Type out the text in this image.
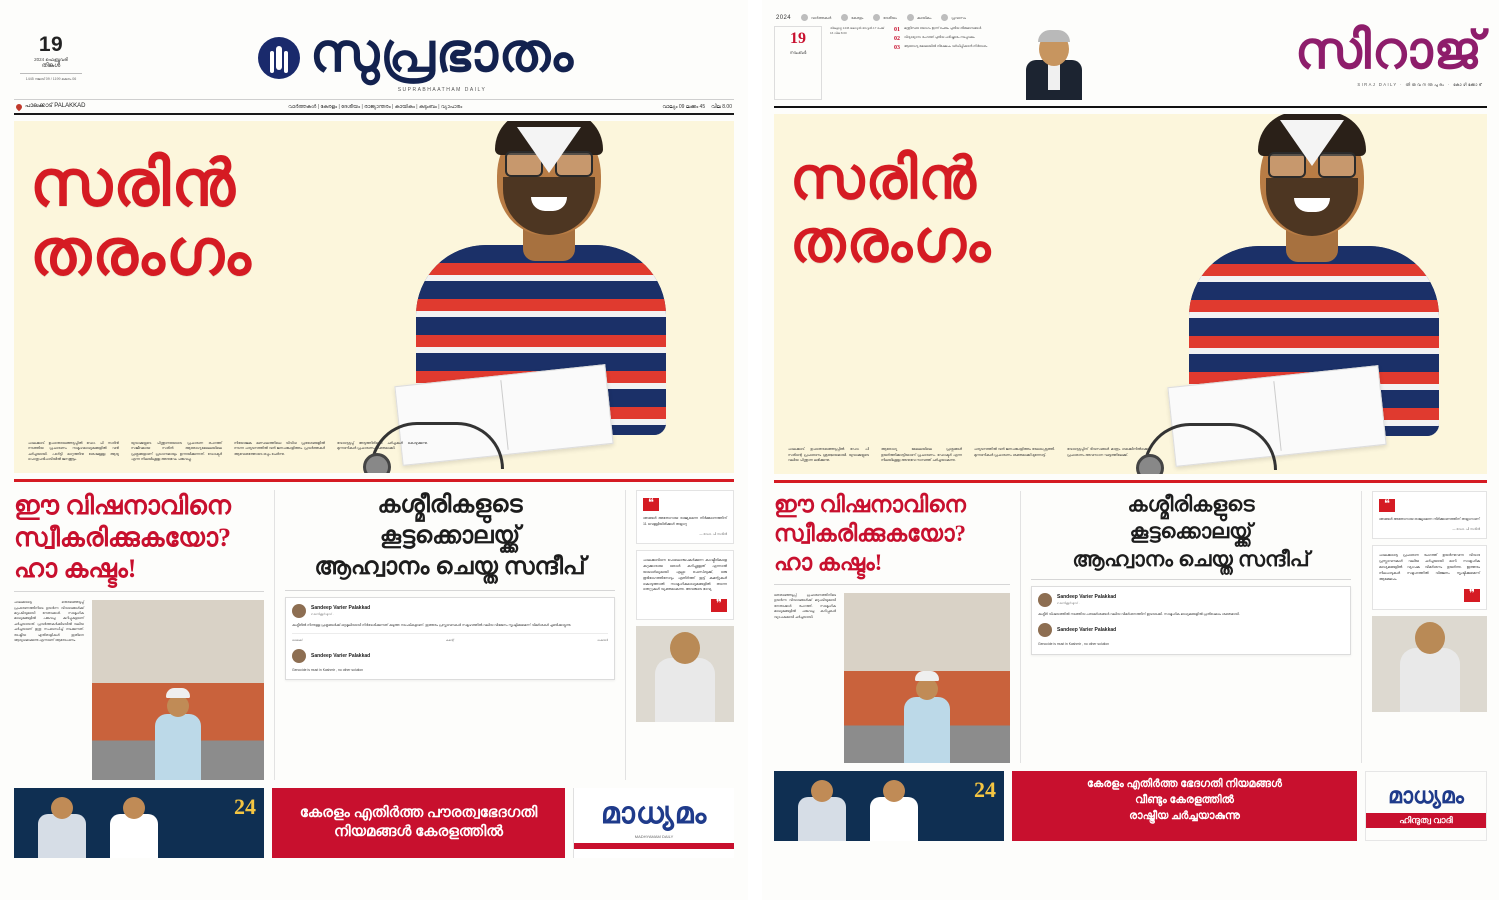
19
2024 ഫെബ്രുവരി
തിങ്കൾ
1445 റജബ് 09 / 1199 മകരം 06	സുപ്രഭാതം
SUPRABHAATHAM DAILY
പാലക്കാട് PALAKKAD	വാർത്തകൾ | കേരളം | ദേശീയം | രാജ്യാന്തരം | കായികം | കുടുംബം | വ്യാപാരം	വാല്യം 09 ലക്കം 45 വില 8.00
സരിൻ
തരംഗം
പാലക്കാട് ഉപതെരഞ്ഞെടുപ്പിൽ ഡോ. പി സരിൻ നടത്തിയ പ്രചാരണം സമൂഹമാധ്യമങ്ങളിൽ വൻ ചർച്ചയായി. പാർട്ടി മാറ്റത്തിനു ശേഷമുള്ള ആദ്യ പൊതുപരിപാടിയിൽ ജനക്കൂട്ടം.
യുവാക്കളുടെ പിന്തുണയോടെ പ്രചാരണ രംഗത്ത് സജീവമായ സരിൻ ആരോഗ്യമേഖലയിലെ പ്രശ്നങ്ങളാണ് പ്രധാനമായും ഉന്നയിക്കുന്നത്. ഡോക്ടർ എന്ന നിലയിലുള്ള അനുഭവം പങ്കുവച്ചു.
നിയോജക മണ്ഡലത്തിലെ വിവിധ പ്രദേശങ്ങളിൽ നടന്ന പര്യടനത്തിൽ വൻ ജനപങ്കാളിത്തം. പ്രവർത്തകർ ആവേശത്തോടെ ഒപ്പം ചേർന്നു.
വോട്ടെടുപ്പ് അടുത്തിരിക്കെ ചർച്ചകൾ കൊഴുക്കുന്നു. മുന്നണികൾ പ്രചാരണം ശക്തമാക്കി.
ഈ വിഷനാവിനെ
സ്വീകരിക്കുകയോ?
ഹാ കഷ്ടം!
പാലക്കാട്ടെ തെരഞ്ഞെടുപ്പ് പ്രചാരണത്തിനിടെ ഉയർന്ന വിവാദങ്ങൾക്ക് മറുപടിയുമായി നേതാക്കൾ. സാമൂഹിക മാധ്യമങ്ങളിൽ പങ്കുവച്ച കുറിപ്പുകളാണ് ചർച്ചയായത്. പ്രവർത്തകർക്കിടയിൽ വലിയ ചർച്ചയാണ് ഇതു സംബന്ധിച്ച് നടക്കുന്നത്. രാഷ്ട്രീയ എതിരാളികൾ ഇതിനെ ആയുധമാക്കുന്നു എന്നാണ് ആരോപണം.
കശ്മീരികളുടെ
കൂട്ടക്കൊലയ്ക്ക്
ആഹ്വാനം ചെയ്ത സന്ദീപ്
Sandeep Varier Palakkad
2 മണിക്കൂർ മുമ്പ് ·
കശ്മീരിൽ നിന്നുള്ള പ്രശ്നങ്ങൾക്ക് ഒറ്റമൂലിയായി നിർദേശിക്കുന്നത് കടുത്ത നടപടികളാണ്. ഇത്തരം പ്രസ്താവനകൾ സമൂഹത്തിൽ വലിയ വിഭജനം സൃഷ്ടിക്കുമെന്ന് വിമർശകർ ചൂണ്ടിക്കാട്ടുന്നു.
ലൈക്ക്	കമന്റ്	ഷെയർ
Sandeep Varier Palakkad
Genocide is must in Kashmir , no other solution
❝
ഞങ്ങൾ അതോറായ രാജ്യമെന്ന നിർമ്മാണത്തിന് 11 വെള്ളിയിരിക്കൾ തയ്യാറു
— ഡോ. പി സരിൻ
പാലക്കാടിനെ പോലൊരുപകർക്കുന്ന കാഷ്മീരികളെ കുറ്റക്കാരായ ഒരാൾ കുറിച്ചുള്ളത് എന്നാൽ യാഥാർഥ്യമായി എല്ലാ ഫേസ്ബുക്ക്, ഒരു ഭൂരിഭാഗത്തിനോടും എതിർത്ത് ഇട്ട് കമന്റുകൾ കൊടുത്താൽ സാമൂഹികമാധ്യമങ്ങളിൽ തന്നെ തെറ്റുകൾ വ്യക്തമാകുന്നു. അവരുടെ ഭാവ്യ
❞
24	കേരളം എതിർത്ത പൗരത്വഭേദഗതി
നിയമങ്ങൾ കേരളത്തിൽ
മാധ്യമം
MADHYAMAM DAILY
2024	വാർത്തകൾ	കേരളം	ദേശീയം	കായികം	പ്രവാസം
19
നവംബർ
തിങ്കളാഴ്ച 1446 ജമാദുൽ അവ്വൽ 17 പേജ് 16 വില 8.00	01 മന്ത്രിസഭാ യോഗം ഇന്ന് ചേരും പുതിയ തീരുമാനങ്ങൾ
02 വിദ്യാഭ്യാസ രംഗത്ത് പുതിയ പരിഷ്കാരം നടപ്പാക്കും
03 ആരോഗ്യ മേഖലയിൽ നിക്ഷേപം വർധിപ്പിക്കാൻ നിർദേശം	സിറാജ്
SIRAJ DAILY · തിരുവനന്തപുരം · കോഴിക്കോട്
സരിൻ
തരംഗം
പാലക്കാട് ഉപതെരഞ്ഞെടുപ്പിൽ ഡോ. പി സരിന്റെ പ്രചാരണം ശ്രദ്ധേയമായി. യുവാക്കളുടെ വലിയ പിന്തുണ ലഭിക്കുന്നു.
ആരോഗ്യ മേഖലയിലെ പ്രശ്നങ്ങൾ ഉയർത്തിക്കാട്ടിയാണ് പ്രചാരണം. ഡോക്ടർ എന്ന നിലയിലുള്ള അനുഭവ സമ്പത്ത് ചർച്ചയാകുന്നു.
പര്യടനത്തിൽ വൻ ജനപങ്കാളിത്തം രേഖപ്പെടുത്തി. മുന്നണികൾ പ്രചാരണം ശക്തമാക്കി മുന്നോട്ട്.
വോട്ടെടുപ്പിന് ദിവസങ്ങൾ മാത്രം ബാക്കിനിൽക്കെ പ്രചാരണം അവസാന ഘട്ടത്തിലേക്ക്.
ഈ വിഷനാവിനെ
സ്വീകരിക്കുകയോ?
ഹാ കഷ്ടം!
തെരഞ്ഞെടുപ്പ് പ്രചാരണത്തിനിടെ ഉയർന്ന വിവാദങ്ങൾക്ക് മറുപടിയുമായി നേതാക്കൾ രംഗത്ത്. സാമൂഹിക മാധ്യമങ്ങളിൽ പങ്കുവച്ച കുറിപ്പുകൾ വ്യാപകമായി ചർച്ചയായി.
കശ്മീരികളുടെ
കൂട്ടക്കൊലയ്ക്ക്
ആഹ്വാനം ചെയ്ത സന്ദീപ്
Sandeep Varier Palakkad
2 മണിക്കൂർ മുമ്പ് ·
കശ്മീർ വിഷയത്തിൽ നടത്തിയ പരാമർശങ്ങൾ വലിയ വിമർശനത്തിന് ഇടയാക്കി. സാമൂഹിക മാധ്യമങ്ങളിൽ പ്രതിഷേധം ശക്തമായി.
Sandeep Varier Palakkad
Genocide is must in Kashmir , no other solution
❝
ഞങ്ങൾ അതോറായ രാജ്യമെന്ന നിർമ്മാണത്തിന് തയ്യാറാണ്
— ഡോ. പി സരിൻ
പാലക്കാട്ടെ പ്രചാരണ രംഗത്ത് ഉയർന്നുവന്ന വിവാദ പ്രസ്താവനകൾ വലിയ ചർച്ചയായി മാറി. സാമൂഹിക മാധ്യമങ്ങളിൽ വ്യാപക വിമർശനം ഉയർന്നു. ഇത്തരം നിലപാടുകൾ സമൂഹത്തിൽ വിഭജനം സൃഷ്ടിക്കുമെന്ന് ആക്ഷേപം.
❞
24	കേരളം എതിർത്ത ഭേദഗതി നിയമങ്ങൾ
വീണ്ടും കേരളത്തിൽ
രാഷ്ട്രീയ ചർച്ചയാകുന്നു
മാധ്യമം
ഹിന്ദുത്വ വാദി
